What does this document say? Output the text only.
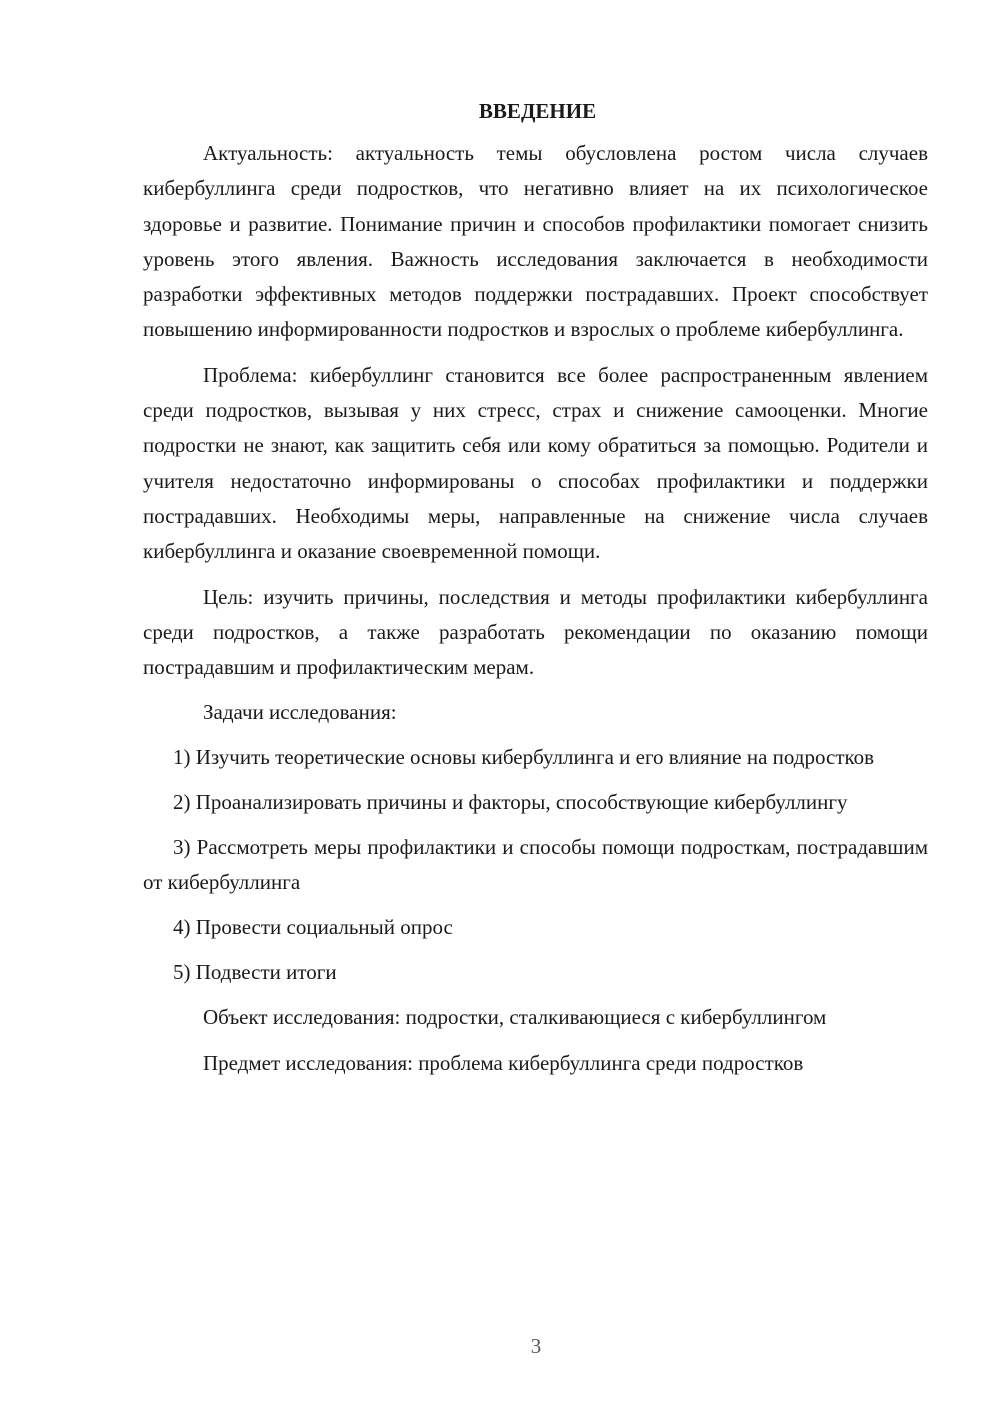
ВВЕДЕНИЕ

Актуальность: актуальность темы обусловлена ростом числа случаев кибербуллинга среди подростков, что негативно влияет на их психологическое здоровье и развитие. Понимание причин и способов профилактики помогает снизить уровень этого явления. Важность исследования заключается в необходимости разработки эффективных методов поддержки пострадавших. Проект способствует повышению информированности подростков и взрослых о проблеме кибербуллинга.

Проблема: кибербуллинг становится все более распространенным явлением среди подростков, вызывая у них стресс, страх и снижение самооценки. Многие подростки не знают, как защитить себя или кому обратиться за помощью. Родители и учителя недостаточно информированы о способах профилактики и поддержки пострадавших. Необходимы меры, направленные на снижение числа случаев кибербуллинга и оказание своевременной помощи.

Цель: изучить причины, последствия и методы профилактики кибербуллинга среди подростков, а также разработать рекомендации по оказанию помощи пострадавшим и профилактическим мерам.

Задачи исследования:

1) Изучить теоретические основы кибербуллинга и его влияние на подростков

2) Проанализировать причины и факторы, способствующие кибербуллингу

3) Рассмотреть меры профилактики и способы помощи подросткам, пострадавшим от кибербуллинга

4) Провести социальный опрос

5) Подвести итоги

Объект исследования: подростки, сталкивающиеся с кибербуллингом

Предмет исследования: проблема кибербуллинга среди подростков

3
